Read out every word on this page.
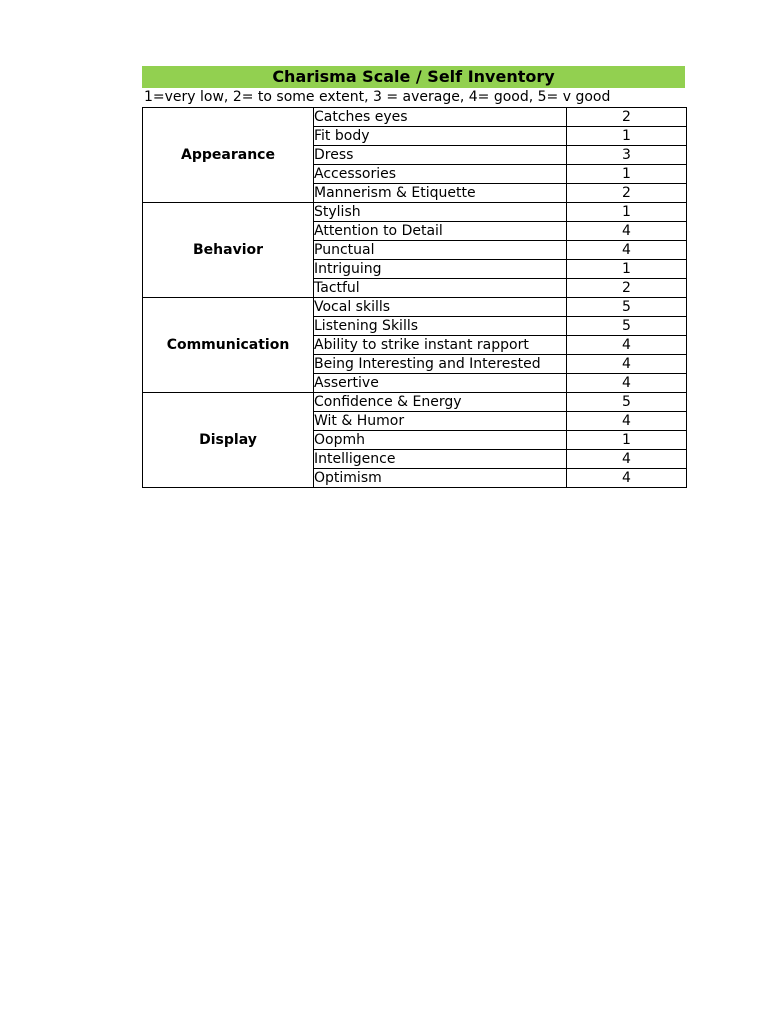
Charisma Scale / Self Inventory
1=very low, 2= to some extent, 3 = average, 4= good, 5= v good
Appearance	Catches eyes	2
	Fit body	1
	Dress	3
	Accessories	1
	Mannerism & Etiquette	2
Behavior	Stylish	1
	Attention to Detail	4
	Punctual	4
	Intriguing	1
	Tactful	2
Communication	Vocal skills	5
	Listening Skills	5
	Ability to strike instant rapport	4
	Being Interesting and Interested	4
	Assertive	4
Display	Confidence & Energy	5
	Wit & Humor	4
	Oopmh	1
	Intelligence	4
	Optimism	4
